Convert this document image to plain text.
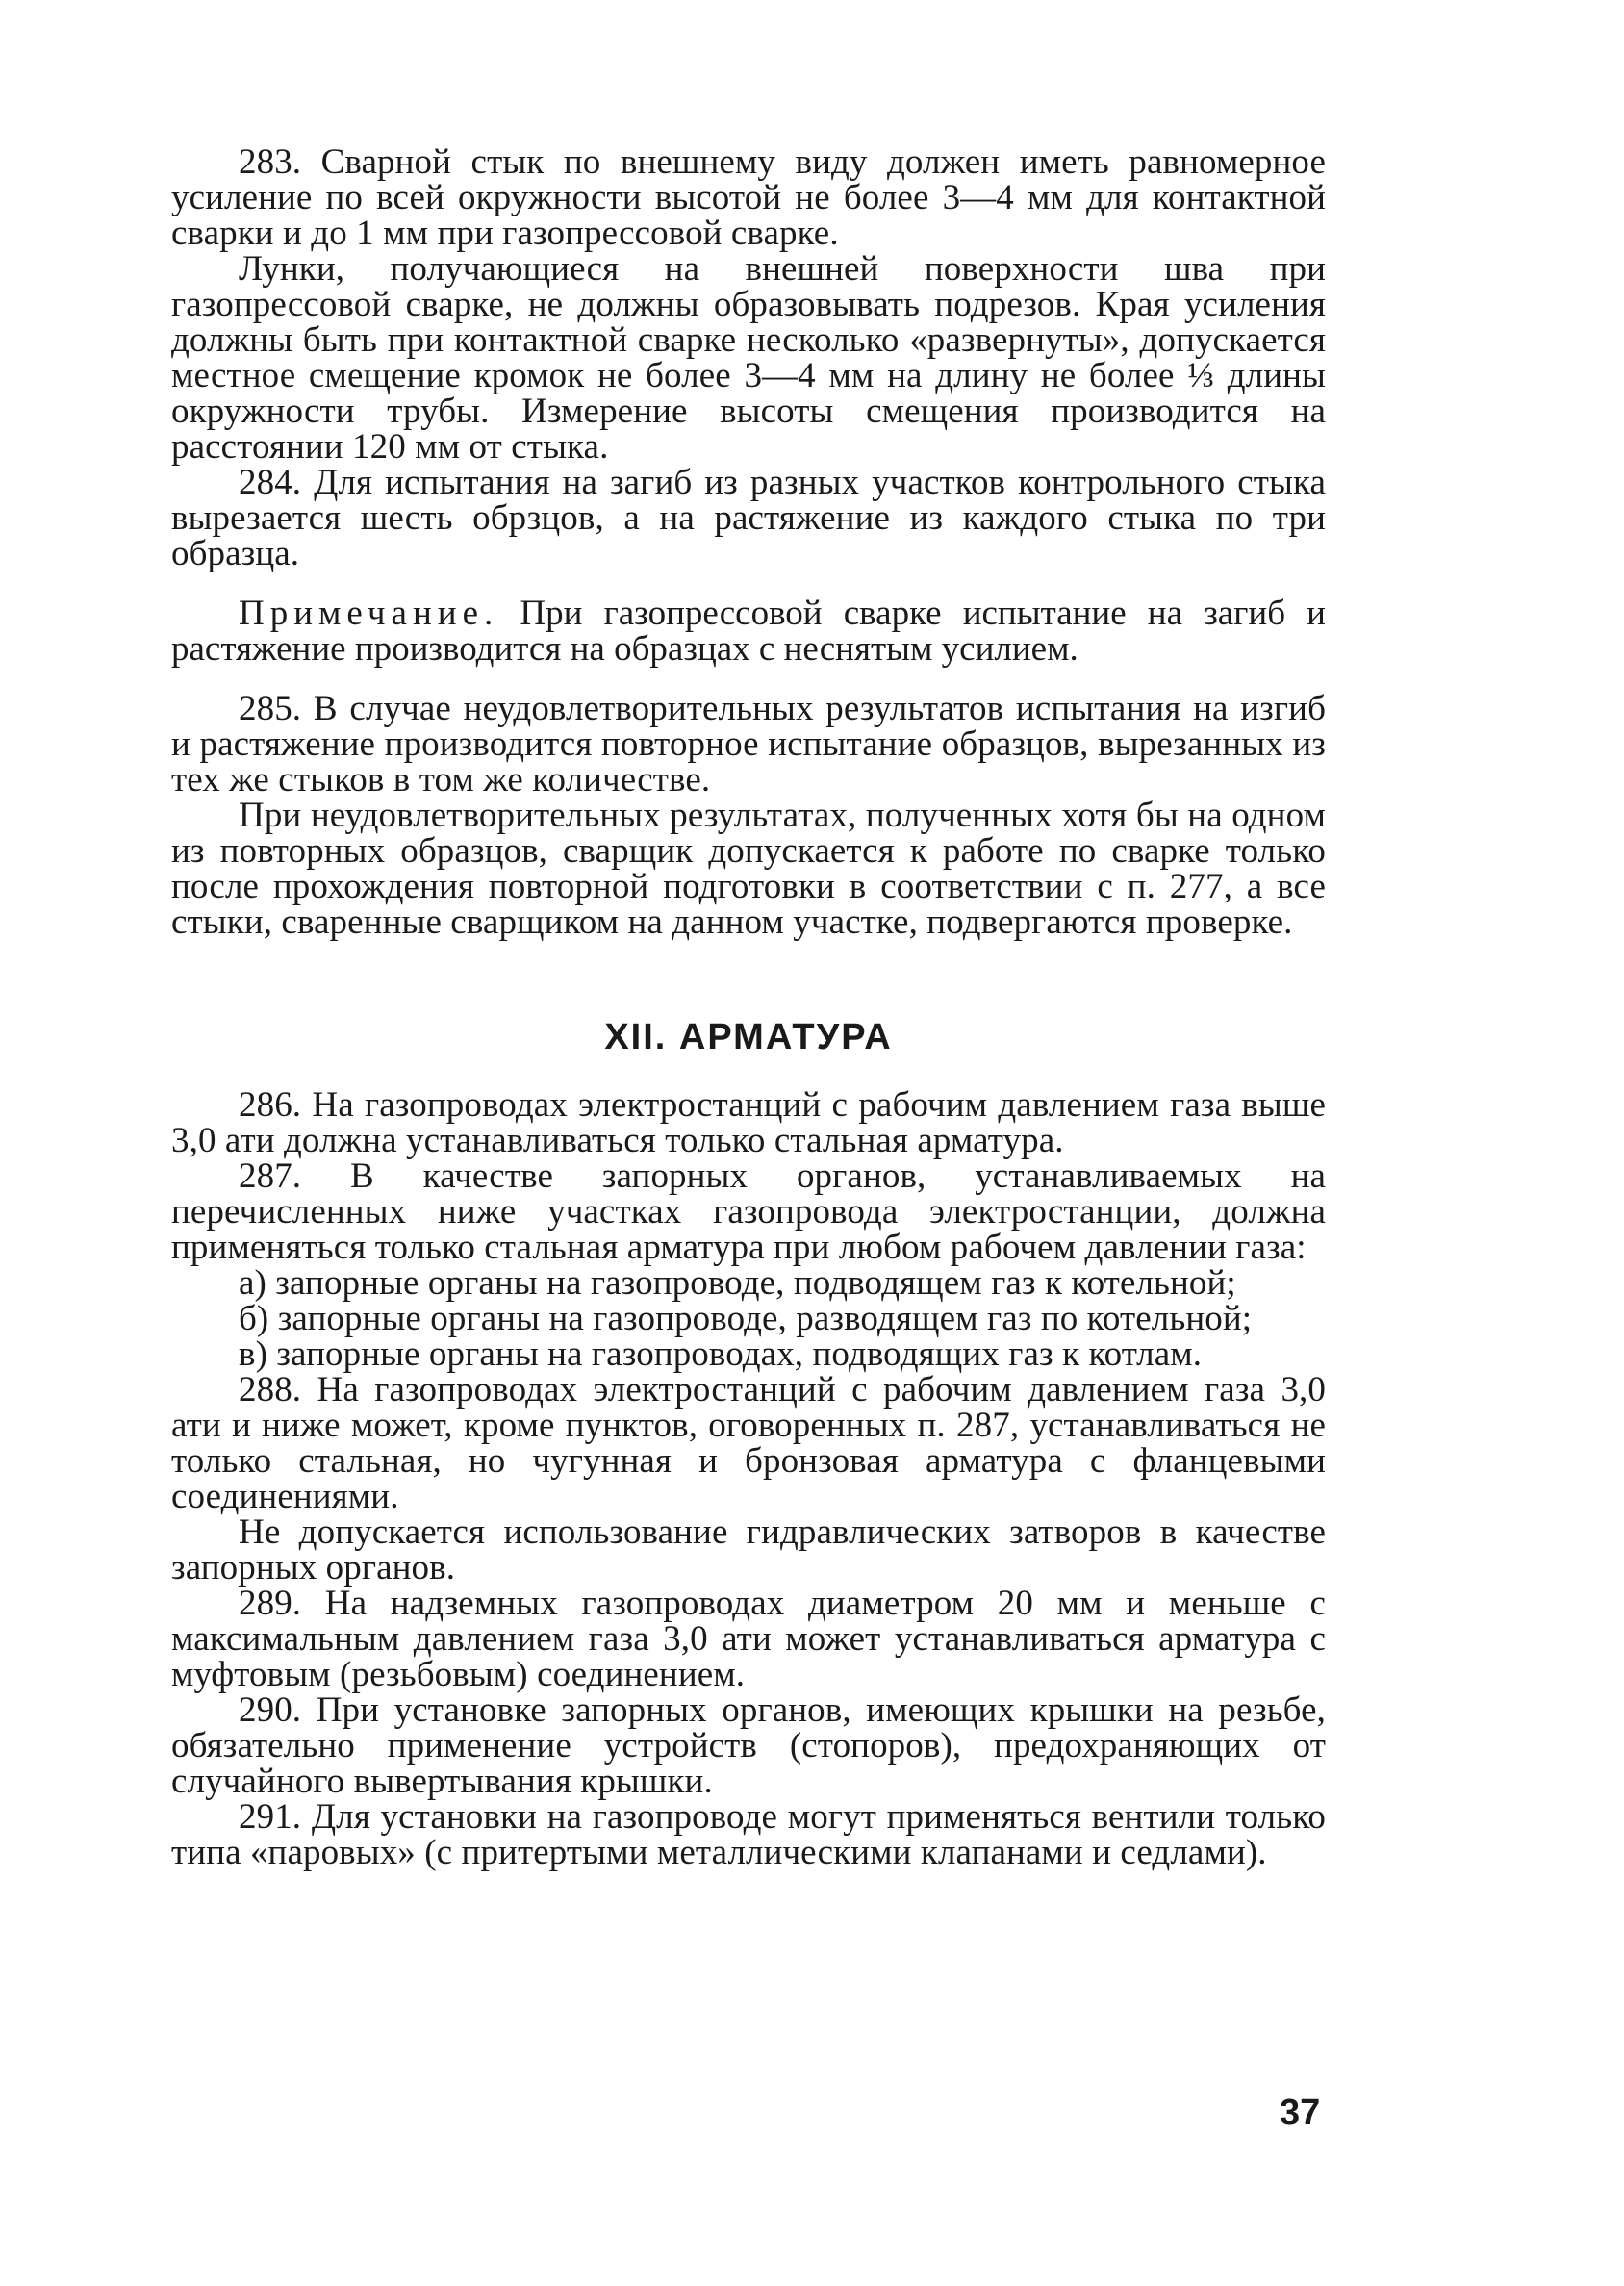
283. Сварной стык по внешнему виду должен иметь равномерное усиление по всей окружности высотой не более 3—4 мм для контактной сварки и до 1 мм при газопрессовой сварке.

Лунки, получающиеся на внешней поверхности шва при газопрессовой сварке, не должны образовывать подрезов. Края усиления должны быть при контактной сварке несколько «развернуты», допускается местное смещение кромок не более 3—4 мм на длину не более ⅓ длины окружности трубы. Измерение высоты смещения производится на расстоянии 120 мм от стыка.

284. Для испытания на загиб из разных участков контрольного стыка вырезается шесть обрзцов, а на растяжение из каждого стыка по три образца.

Примечание. При газопрессовой сварке испытание на загиб и растяжение производится на образцах с неснятым усилием.

285. В случае неудовлетворительных результатов испытания на изгиб и растяжение производится повторное испытание образцов, вырезанных из тех же стыков в том же количестве.

При неудовлетворительных результатах, полученных хотя бы на одном из повторных образцов, сварщик допускается к работе по сварке только после прохождения повторной подготовки в соответствии с п. 277, а все стыки, сваренные сварщиком на данном участке, подвергаются проверке.

XII. АРМАТУРА

286. На газопроводах электростанций с рабочим давлением газа выше 3,0 ати должна устанавливаться только стальная арматура.

287. В качестве запорных органов, устанавливаемых на перечисленных ниже участках газопровода электростанции, должна применяться только стальная арматура при любом рабочем давлении газа:

а) запорные органы на газопроводе, подводящем газ к котельной;

б) запорные органы на газопроводе, разводящем газ по котельной;

в) запорные органы на газопроводах, подводящих газ к котлам.

288. На газопроводах электростанций с рабочим давлением газа 3,0 ати и ниже может, кроме пунктов, оговоренных п. 287, устанавливаться не только стальная, но чугунная и бронзовая арматура с фланцевыми соединениями.

Не допускается использование гидравлических затворов в качестве запорных органов.

289. На надземных газопроводах диаметром 20 мм и меньше с максимальным давлением газа 3,0 ати может устанавливаться арматура с муфтовым (резьбовым) соединением.

290. При установке запорных органов, имеющих крышки на резьбе, обязательно применение устройств (стопоров), предохраняющих от случайного вывертывания крышки.

291. Для установки на газопроводе могут применяться вентили только типа «паровых» (с притертыми металлическими клапанами и седлами).

37
